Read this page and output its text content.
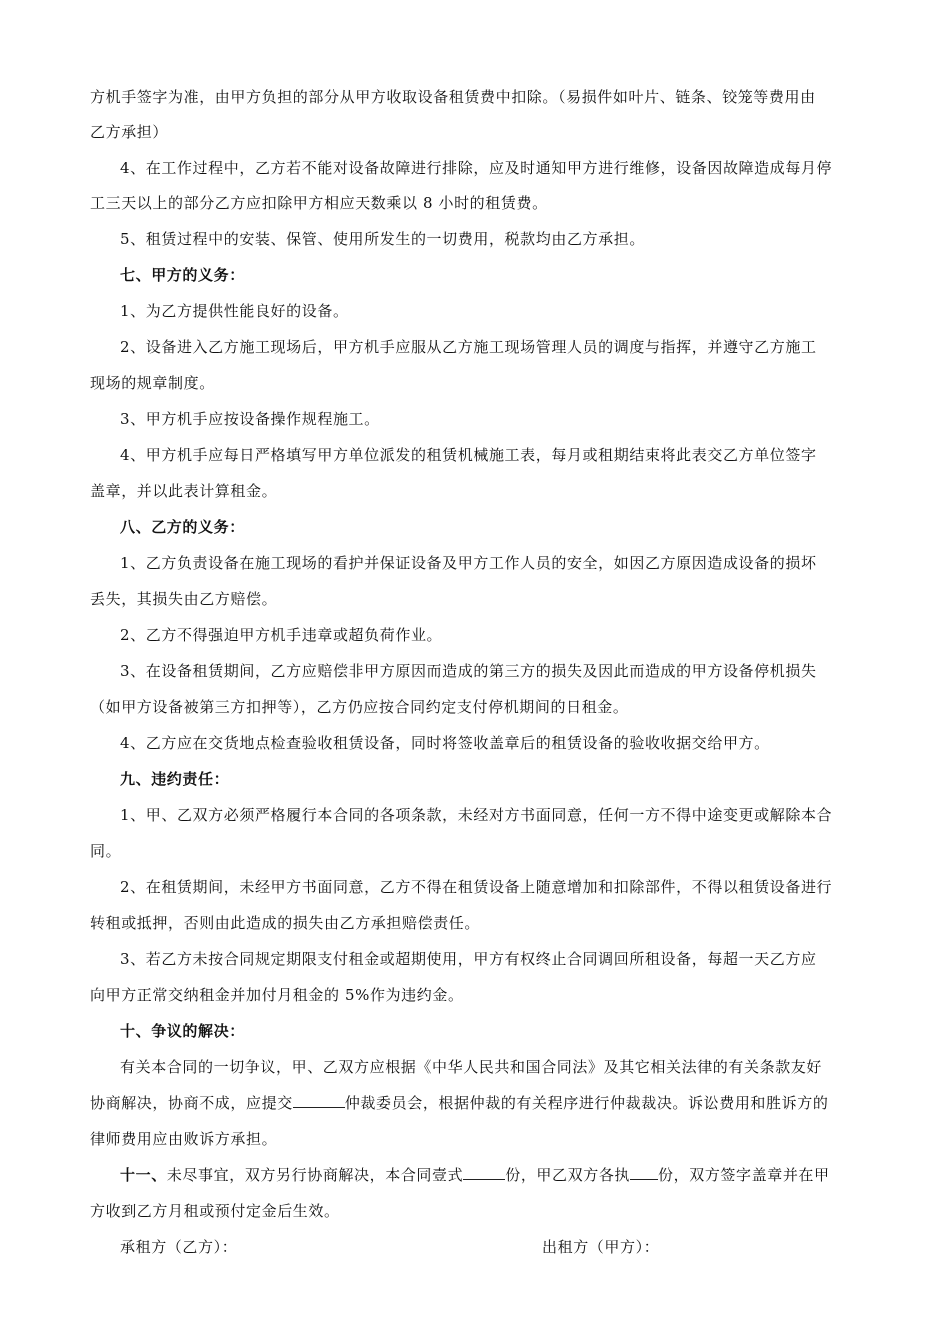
方机手签字为准，由甲方负担的部分从甲方收取设备租赁费中扣除。（易损件如叶片、链条、铰笼等费用由
乙方承担）
4、在工作过程中，乙方若不能对设备故障进行排除，应及时通知甲方进行维修，设备因故障造成每月停
工三天以上的部分乙方应扣除甲方相应天数乘以 8 小时的租赁费。
5、租赁过程中的安装、保管、使用所发生的一切费用，税款均由乙方承担。
七、甲方的义务：
1、为乙方提供性能良好的设备。
2、设备进入乙方施工现场后，甲方机手应服从乙方施工现场管理人员的调度与指挥，并遵守乙方施工
现场的规章制度。
3、甲方机手应按设备操作规程施工。
4、甲方机手应每日严格填写甲方单位派发的租赁机械施工表，每月或租期结束将此表交乙方单位签字
盖章，并以此表计算租金。
八、乙方的义务：
1、乙方负责设备在施工现场的看护并保证设备及甲方工作人员的安全，如因乙方原因造成设备的损坏
丢失，其损失由乙方赔偿。
2、乙方不得强迫甲方机手违章或超负荷作业。
3、在设备租赁期间，乙方应赔偿非甲方原因而造成的第三方的损失及因此而造成的甲方设备停机损失
（如甲方设备被第三方扣押等），乙方仍应按合同约定支付停机期间的日租金。
4、乙方应在交货地点检查验收租赁设备，同时将签收盖章后的租赁设备的验收收据交给甲方。
九、违约责任：
1、甲、乙双方必须严格履行本合同的各项条款，未经对方书面同意，任何一方不得中途变更或解除本合
同。
2、在租赁期间，未经甲方书面同意，乙方不得在租赁设备上随意增加和扣除部件，不得以租赁设备进行
转租或抵押，否则由此造成的损失由乙方承担赔偿责任。
3、若乙方未按合同规定期限支付租金或超期使用，甲方有权终止合同调回所租设备，每超一天乙方应
向甲方正常交纳租金并加付月租金的 5%作为违约金。
十、争议的解决：
有关本合同的一切争议，甲、乙双方应根据《中华人民共和国合同法》及其它相关法律的有关条款友好
协商解决，协商不成，应提交	仲裁委员会，根据仲裁的有关程序进行仲裁裁决。诉讼费用和胜诉方的
律师费用应由败诉方承担。
十一、未尽事宜，双方另行协商解决，本合同壹式	份，甲乙双方各执 份，双方签字盖章并在甲
方收到乙方月租或预付定金后生效。
承租方（乙方）：	出租方（甲方）：
